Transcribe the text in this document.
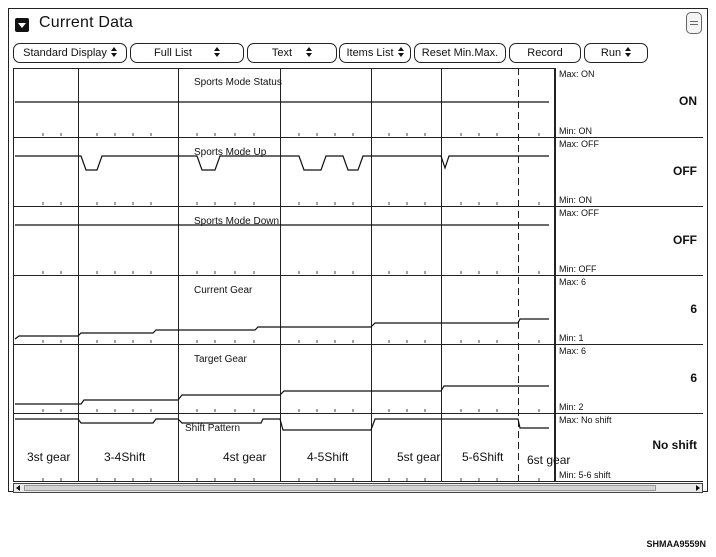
Current Data
Standard Display	Full List	Text	Items List	Reset Min.Max.	Record	Run
Sports Mode Status
Sports Mode Up
Sports Mode Down
Current Gear
Target Gear
Shift Pattern
3st gear	3-4Shift	4st gear	4-5Shift	5st gear 5-6Shift 6st gear
Max: ON
ON
Min: ON
Max: OFF
OFF
Min: ON
Max: OFF
OFF
Min: OFF
Max: 6
6
Min: 1
Max: 6
6
Min: 2
Max: No shift
No shift
Min: 5-6 shift
SHMAA9559N
